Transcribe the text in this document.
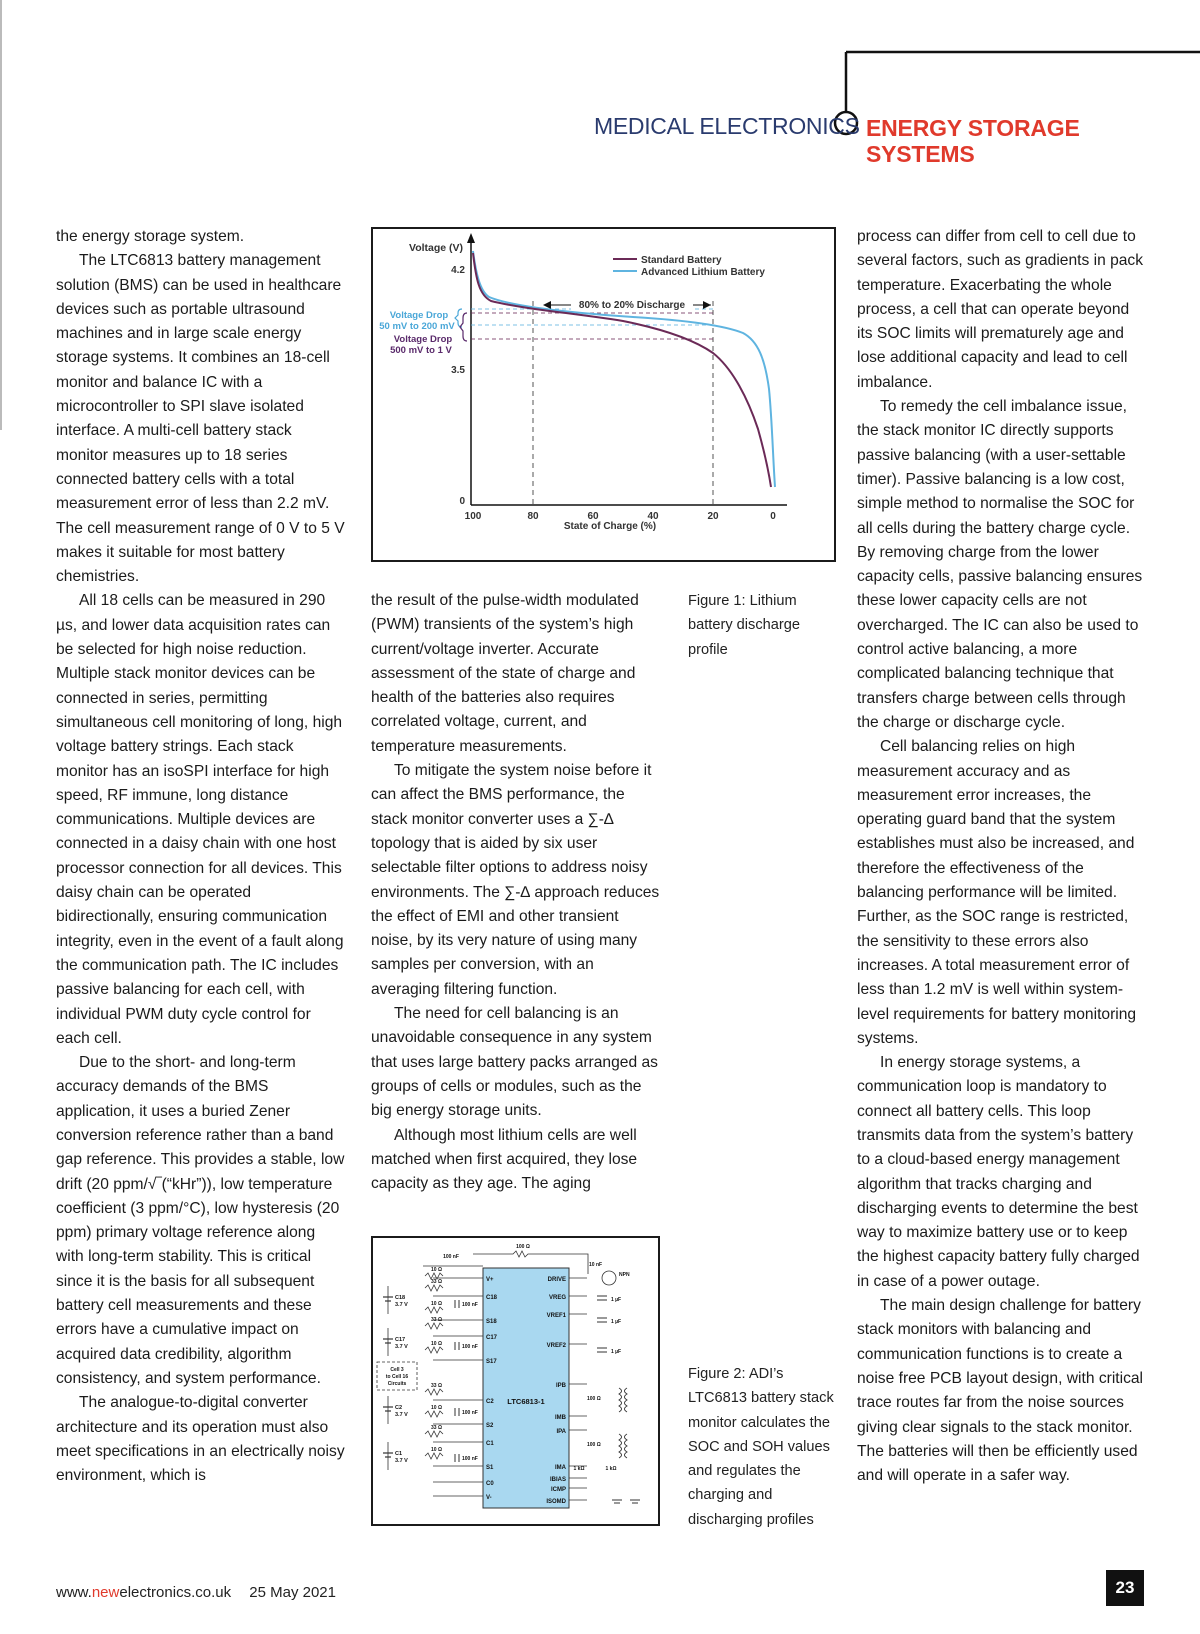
MEDICAL ELECTRONICS ENERGY STORAGE
SYSTEMS

the energy storage system.

The LTC6813 battery management solution (BMS) can be used in healthcare devices such as portable ultrasound machines and in large scale energy storage systems. It combines an 18-cell monitor and balance IC with a microcontroller to SPI slave isolated interface. A multi-cell battery stack monitor measures up to 18 series connected battery cells with a total measurement error of less than 2.2 mV. The cell measurement range of 0 V to 5 V makes it suitable for most battery chemistries.

All 18 cells can be measured in 290 µs, and lower data acquisition rates can be selected for high noise reduction. Multiple stack monitor devices can be connected in series, permitting simultaneous cell monitoring of long, high voltage battery strings. Each stack monitor has an isoSPI interface for high speed, RF immune, long distance communications. Multiple devices are connected in a daisy chain with one host processor connection for all devices. This daisy chain can be operated bidirectionally, ensuring communication integrity, even in the event of a fault along the communication path. The IC includes passive balancing for each cell, with individual PWM duty cycle control for each cell.

Due to the short- and long-term accuracy demands of the BMS application, it uses a buried Zener conversion reference rather than a band gap reference. This provides a stable, low drift (20 ppm/√‾(“kHr”)), low temperature coefficient (3 ppm/°C), low hysteresis (20 ppm) primary voltage reference along with long-term stability. This is critical since it is the basis for all subsequent battery cell measurements and these errors have a cumulative impact on acquired data credibility, algorithm consistency, and system performance.

The analogue-to-digital converter architecture and its operation must also meet specifications in an electrically noisy environment, which is

Voltage (V)
State of Charge (%)
4.2
3.5
0
100	80	60	40	20	0
80% to 20% Discharge
Standard Battery
Advanced Lithium Battery
Voltage Drop
50 mV to 200 mV
Voltage Drop
500 mV to 1 V

the result of the pulse-width modulated (PWM) transients of the system’s high current/voltage inverter. Accurate assessment of the state of charge and health of the batteries also requires correlated voltage, current, and temperature measurements.

To mitigate the system noise before it can affect the BMS performance, the stack monitor converter uses a ∑-∆ topology that is aided by six user selectable filter options to address noisy environments. The ∑-∆ approach reduces the effect of EMI and other transient noise, by its very nature of using many samples per conversion, with an averaging filtering function.

The need for cell balancing is an unavoidable consequence in any system that uses large battery packs arranged as groups of cells or modules, such as the big energy storage units.

Although most lithium cells are well matched when first acquired, they lose capacity as they age. The aging

Figure 1: Lithium battery discharge profile
LTC6813-1
V+
C18
S18
C17
S17
C2
S2
C1
S1
C0
V-
DRIVE
VREG
VREF1
VREF2
IPB
IMB
IPA
IMA
IBIAS
ICMP
ISOMD
C18
3.7 V
C17
3.7 V
C2
3.7 V
C1
3.7 V
Cell 3
to Cell 16
Circuits
10 Ω
33 Ω
10 Ω
33 Ω
10 Ω
33 Ω
10 Ω
33 Ω
10 Ω
100 nF
100 nF
100 nF
100 nF
100 nF
100 Ω
10 nF
NPN
1 µF
1 µF
1 µF
100 Ω
100 Ω
1 kΩ	1 kΩ
Figure 2: ADI’s LTC6813 battery stack monitor calculates the SOC and SOH values and regulates the charging and discharging profiles

process can differ from cell to cell due to several factors, such as gradients in pack temperature. Exacerbating the whole process, a cell that can operate beyond its SOC limits will prematurely age and lose additional capacity and lead to cell imbalance.

To remedy the cell imbalance issue, the stack monitor IC directly supports passive balancing (with a user-settable timer). Passive balancing is a low cost, simple method to normalise the SOC for all cells during the battery charge cycle. By removing charge from the lower capacity cells, passive balancing ensures these lower capacity cells are not overcharged. The IC can also be used to control active balancing, a more complicated balancing technique that transfers charge between cells through the charge or discharge cycle.

Cell balancing relies on high measurement accuracy and as measurement error increases, the operating guard band that the system establishes must also be increased, and therefore the effectiveness of the balancing performance will be limited. Further, as the SOC range is restricted, the sensitivity to these errors also increases. A total measurement error of less than 1.2 mV is well within system-level requirements for battery monitoring systems.

In energy storage systems, a communication loop is mandatory to connect all battery cells. This loop transmits data from the system’s battery to a cloud-based energy management algorithm that tracks charging and discharging events to determine the best way to maximize battery use or to keep the highest capacity battery fully charged in case of a power outage.

The main design challenge for battery stack monitors with balancing and communication functions is to create a noise free PCB layout design, with critical trace routes far from the noise sources giving clear signals to the stack monitor. The batteries will then be efficiently used and will operate in a safer way.

www.newelectronics.co.uk 25 May 2021	23
